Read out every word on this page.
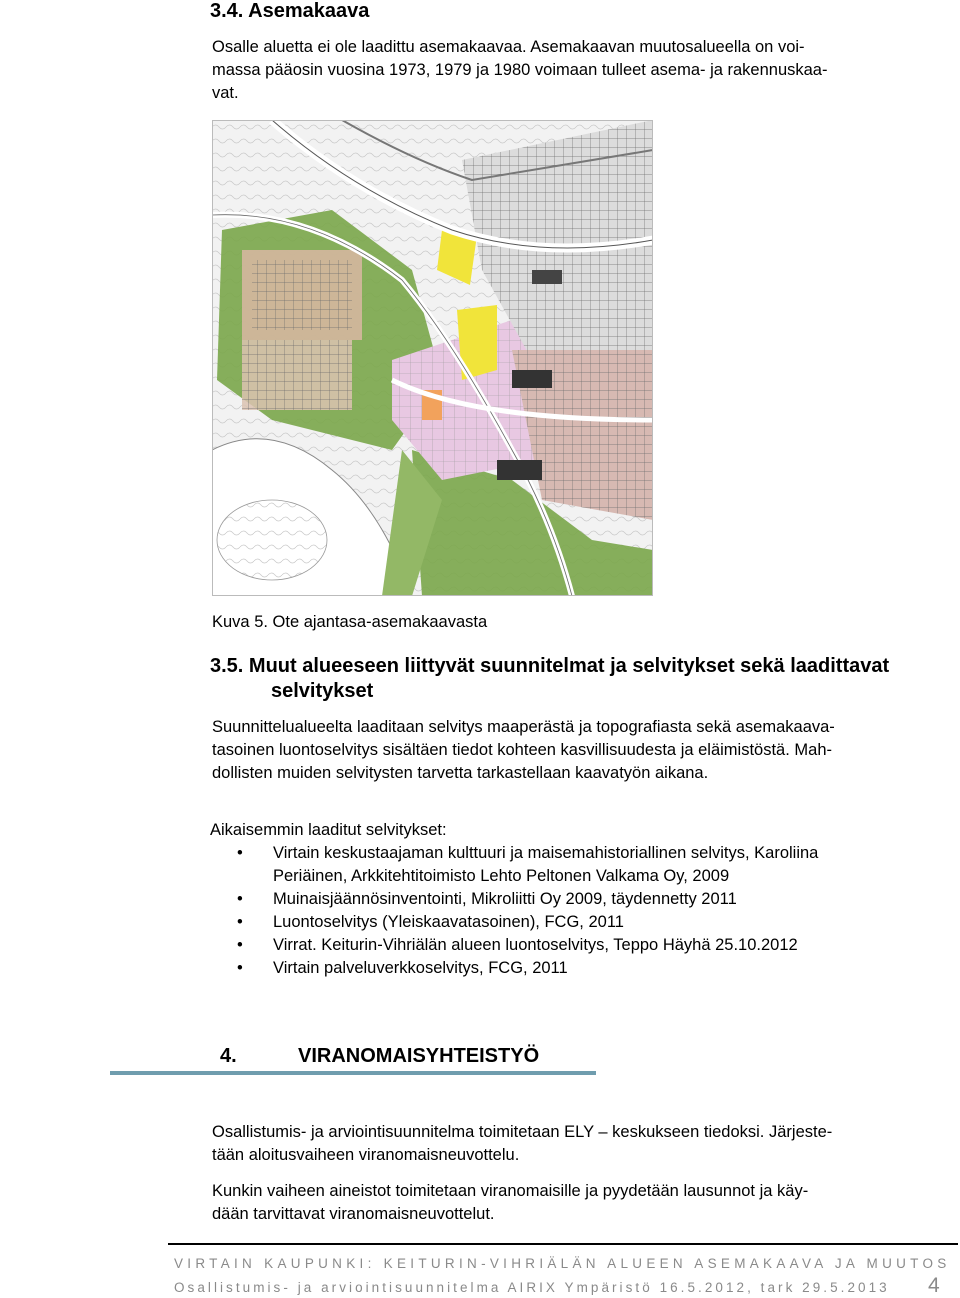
3.4. Asemakaava
Osalle aluetta ei ole laadittu asemakaavaa. Asemakaavan muutosalueella on voi-
massa pääosin vuosina 1973, 1979 ja 1980 voimaan tulleet asema- ja rakennuskaa-
vat.
Kuva 5. Ote ajantasa-asemakaavasta
3.5. Muut alueeseen liittyvät suunnitelmat ja selvitykset sekä laadittavat
selvitykset
Suunnittelualueelta laaditaan selvitys maaperästä ja topografiasta sekä asemakaava-
tasoinen luontoselvitys sisältäen tiedot kohteen kasvillisuudesta ja eläimistöstä. Mah-
dollisten muiden selvitysten tarvetta tarkastellaan kaavatyön aikana.
Aikaisemmin laaditut selvitykset:
• Virtain keskustaajaman kulttuuri ja maisemahistoriallinen selvitys, Karoliina
Periäinen, Arkkitehtitoimisto Lehto Peltonen Valkama Oy, 2009
• Muinaisjäännösinventointi, Mikroliitti Oy 2009, täydennetty 2011
• Luontoselvitys (Yleiskaavatasoinen), FCG, 2011
• Virrat. Keiturin-Vihriälän alueen luontoselvitys, Teppo Häyhä 25.10.2012
• Virtain palveluverkkoselvitys, FCG, 2011
4.	VIRANOMAISYHTEISTYÖ
Osallistumis- ja arviointisuunnitelma toimitetaan ELY – keskukseen tiedoksi. Järjeste-
tään aloitusvaiheen viranomaisneuvottelu.
Kunkin vaiheen aineistot toimitetaan viranomaisille ja pyydetään lausunnot ja käy-
dään tarvittavat viranomaisneuvottelut.
VIRTAIN KAUPUNKI: KEITURIN-VIHRIÄLÄN ALUEEN ASEMAKAAVA JA MUUTOS
Osallistumis- ja arviointisuunnitelma AIRIX Ympäristö 16.5.2012, tark 29.5.2013 4
